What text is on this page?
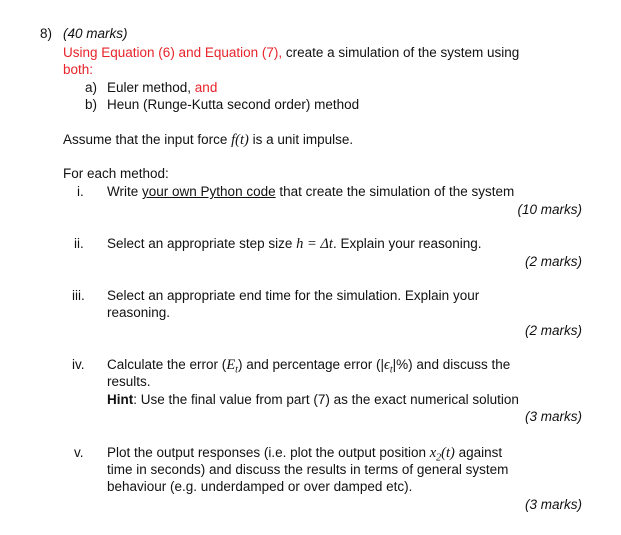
8) (40 marks)
Using Equation (6) and Equation (7), create a simulation of the system using
both:
a) Euler method, and
b) Heun (Runge-Kutta second order) method
Assume that the input force f(t) is a unit impulse.
For each method:
i. Write your own Python code that create the simulation of the system
(10 marks)
ii. Select an appropriate step size h = Δt. Explain your reasoning.
(2 marks)
iii. Select an appropriate end time for the simulation. Explain your
reasoning.
(2 marks)
iv. Calculate the error $(E_t)$ and percentage error $(|\epsilon_t|\%)$ and discuss the
results.
Hint: Use the final value from part (7) as the exact numerical solution
(3 marks)
v. Plot the output responses (i.e. plot the output position $x_2(t)$ against
time in seconds) and discuss the results in terms of general system
behaviour (e.g. underdamped or over damped etc).
(3 marks)
